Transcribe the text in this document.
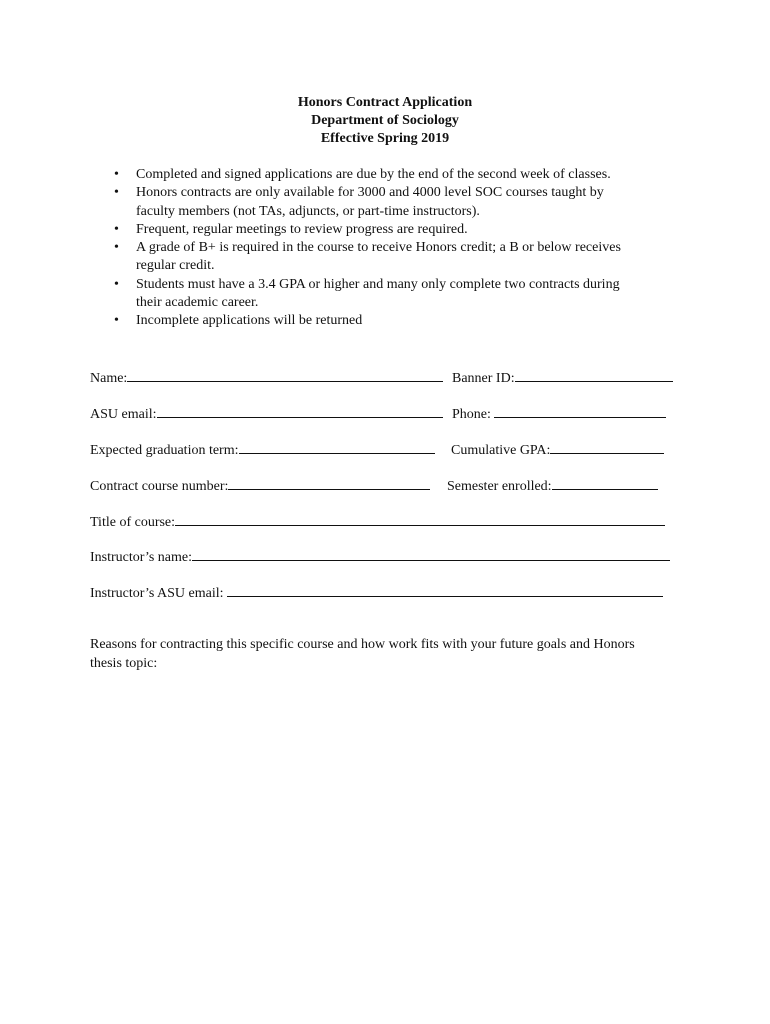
Honors Contract Application
Department of Sociology
Effective Spring 2019
•	Completed and signed applications are due by the end of the second week of classes.
•	Honors contracts are only available for 3000 and 4000 level SOC courses taught by
faculty members (not TAs, adjuncts, or part-time instructors).
•	Frequent, regular meetings to review progress are required.
•	A grade of B+ is required in the course to receive Honors credit; a B or below receives
regular credit.
•	Students must have a 3.4 GPA or higher and many only complete two contracts during
their academic career.
•	Incomplete applications will be returned
Name:	Banner ID:
ASU email:	Phone:
Expected graduation term:	Cumulative GPA:
Contract course number:	Semester enrolled:
Title of course:
Instructor’s name:
Instructor’s ASU email:
Reasons for contracting this specific course and how work fits with your future goals and Honors
thesis topic:
